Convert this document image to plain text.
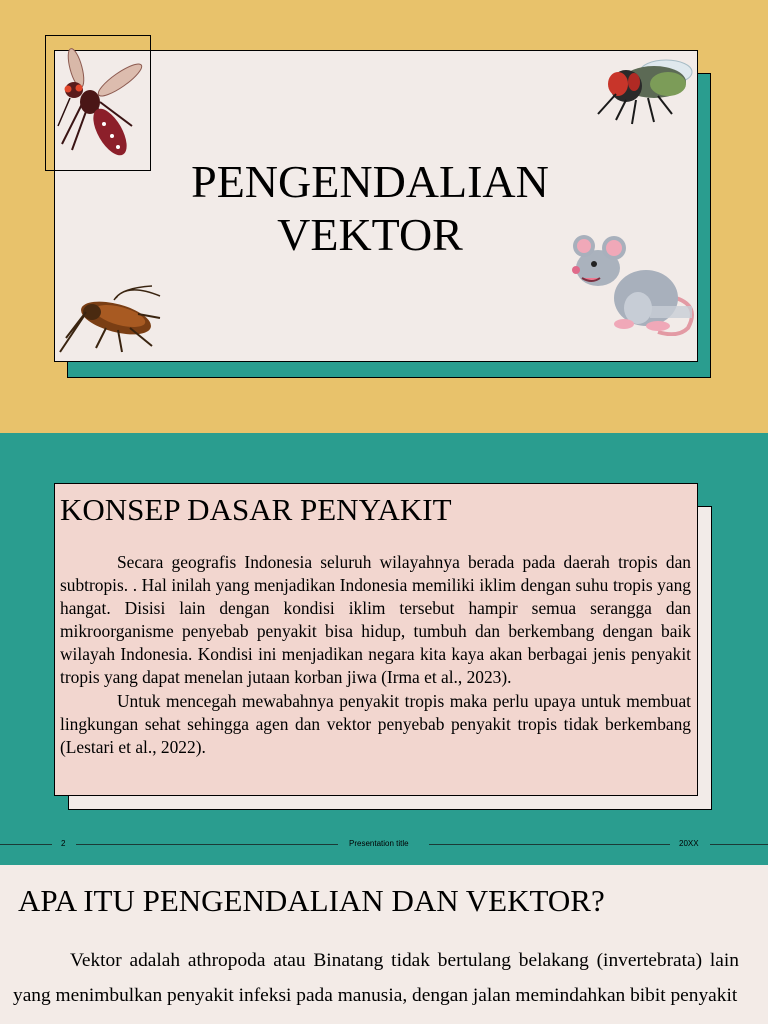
PENGENDALIAN
VEKTOR
KONSEP DASAR PENYAKIT

Secara geografis Indonesia seluruh wilayahnya berada pada daerah tropis dan subtropis. . Hal inilah yang menjadikan Indonesia memiliki iklim dengan suhu tropis yang hangat. Disisi lain dengan kondisi iklim tersebut hampir semua serangga dan mikroorganisme penyebab penyakit bisa hidup, tumbuh dan berkembang dengan baik wilayah Indonesia. Kondisi ini menjadikan negara kita kaya akan berbagai jenis penyakit tropis yang dapat menelan jutaan korban jiwa (Irma et al., 2023).

Untuk mencegah mewabahnya penyakit tropis maka perlu upaya untuk membuat lingkungan sehat sehingga agen dan vektor penyebab penyakit tropis tidak berkembang (Lestari et al., 2022).

2	Presentation title	20XX
APA ITU PENGENDALIAN DAN VEKTOR?

Vektor adalah athropoda atau Binatang tidak bertulang belakang (invertebrata) lain yang menimbulkan penyakit infeksi pada manusia, dengan jalan memindahkan bibit penyakit
